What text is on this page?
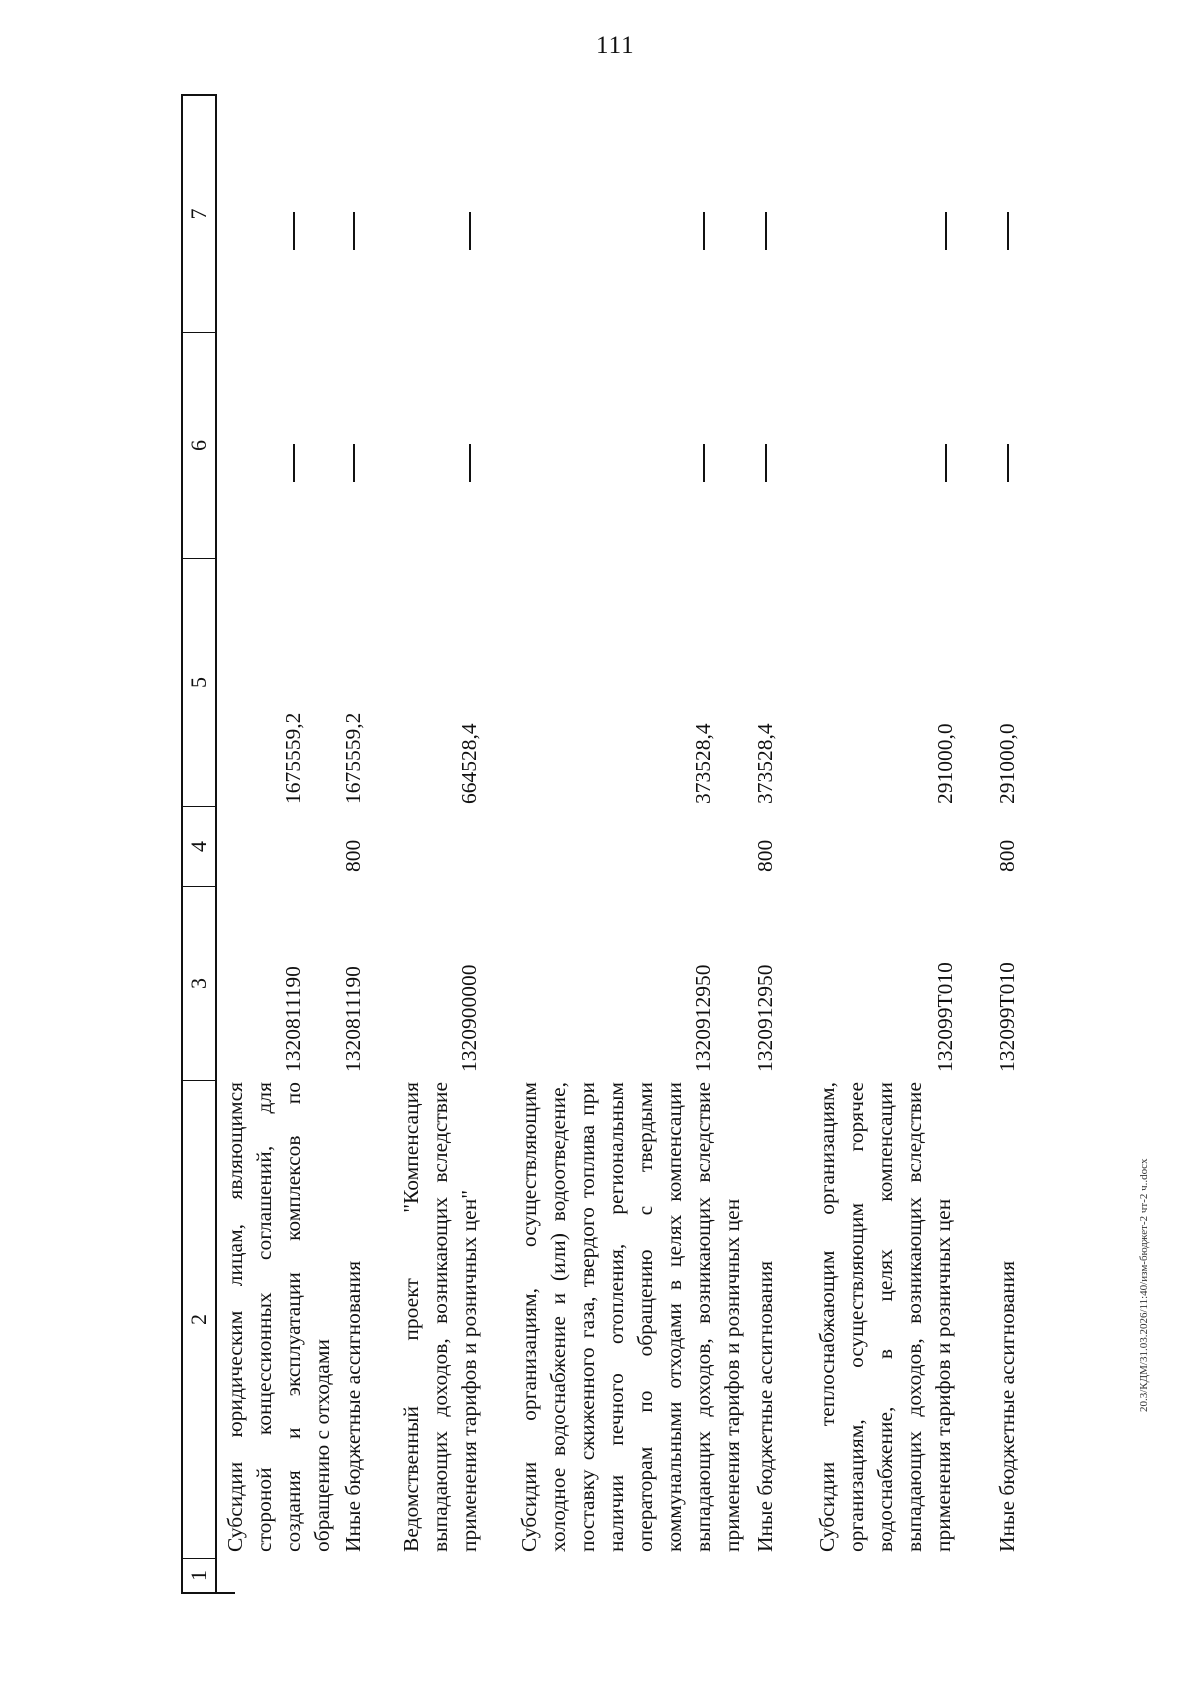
111
20.3/КДМ/31.03.2026/11:40/изм-бюджет-2 чт-2 ч..docx
1
2
3
4
5
6
7
Субсидии юридическим лицам, являющимся стороной концессионных соглашений, для создания и эксплуатации комплексов по обращению с отходами
1320811190
1675559,2
Иные бюджетные ассигнования
1320811190
800
1675559,2
Ведомственный проект "Компенсация выпадающих доходов, возникающих вследствие применения тарифов и розничных цен"
1320900000
664528,4
Субсидии организациям, осуществляющим холодное водоснабжение и (или) водоотведение, поставку сжиженного газа, твердого топлива при наличии печного отопления, региональным операторам по обращению с твердыми коммунальными отходами в целях компенсации выпадающих доходов, возникающих вследствие применения тарифов и розничных цен
1320912950
373528,4
Иные бюджетные ассигнования
1320912950
800
373528,4
Субсидии теплоснабжающим организациям, организациям, осуществляющим горячее водоснабжение, в целях компенсации выпадающих доходов, возникающих вследствие применения тарифов и розничных цен
132099Т010
291000,0
Иные бюджетные ассигнования
132099Т010
800
291000,0
